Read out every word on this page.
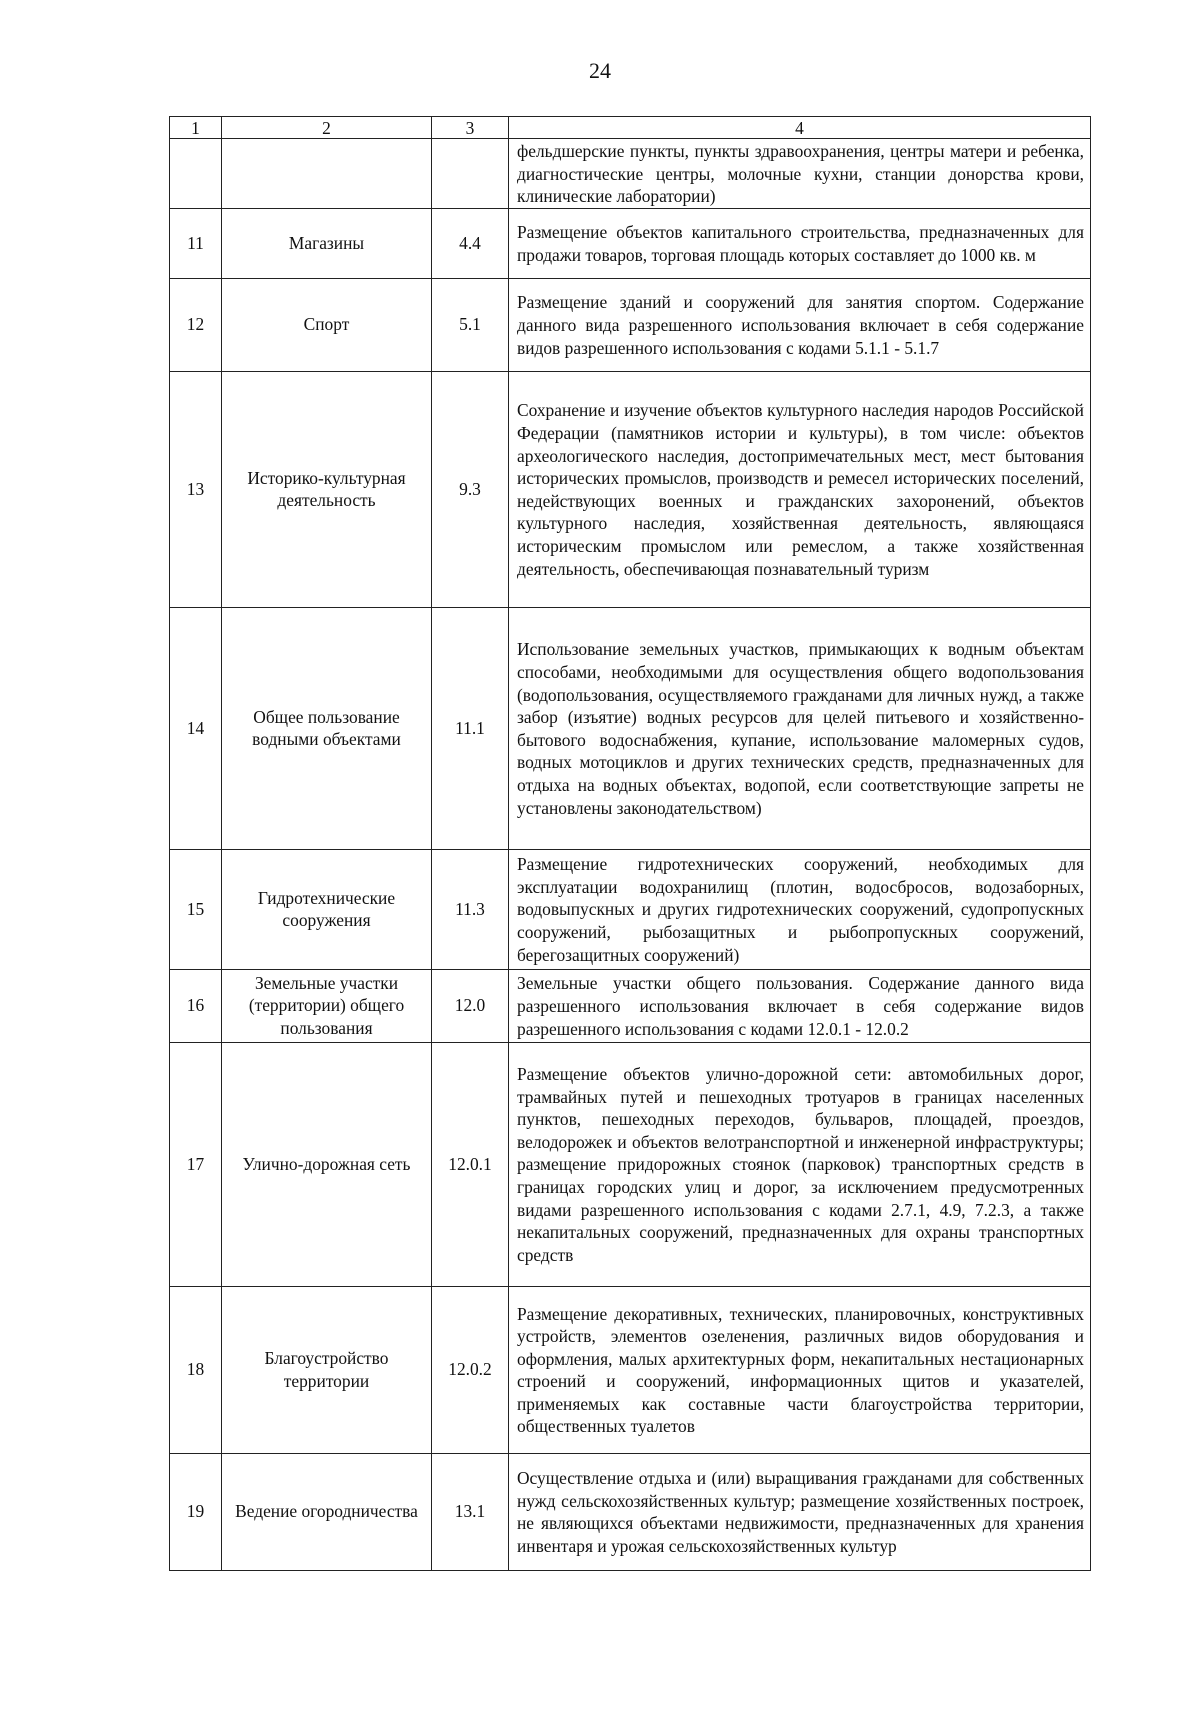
24
1	2	3	4
			фельдшерские пункты, пункты здравоохранения, центры матери и ребенка, диагностические центры, молочные кухни, станции донорства крови, клинические лаборатории)
11	Магазины	4.4	Размещение объектов капитального строительства, предназначенных для продажи товаров, торговая площадь которых составляет до 1000 кв. м
12	Спорт	5.1	Размещение зданий и сооружений для занятия спортом. Содержание данного вида разрешенного использования включает в себя содержание видов разрешенного использования с кодами 5.1.1 - 5.1.7
13	Историко-культурная деятельность	9.3	Сохранение и изучение объектов культурного наследия народов Российской Федерации (памятников истории и культуры), в том числе: объектов археологического наследия, достопримечательных мест, мест бытования исторических промыслов, производств и ремесел исторических поселений, недействующих военных и гражданских захоронений, объектов культурного наследия, хозяйственная деятельность, являющаяся историческим промыслом или ремеслом, а также хозяйственная деятельность, обеспечивающая познавательный туризм
14	Общее пользование водными объектами	11.1	Использование земельных участков, примыкающих к водным объектам способами, необходимыми для осуществления общего водопользования (водопользования, осуществляемого гражданами для личных нужд, а также забор (изъятие) водных ресурсов для целей питьевого и хозяйственно-бытового водоснабжения, купание, использование маломерных судов, водных мотоциклов и других технических средств, предназначенных для отдыха на водных объектах, водопой, если соответствующие запреты не установлены законодательством)
15	Гидротехнические сооружения	11.3	Размещение гидротехнических сооружений, необходимых для эксплуатации водохранилищ (плотин, водосбросов, водозаборных, водовыпускных и других гидротехнических сооружений, судопропускных сооружений, рыбозащитных и рыбопропускных сооружений, берегозащитных сооружений)
16	Земельные участки (территории) общего пользования	12.0	Земельные участки общего пользования. Содержание данного вида разрешенного использования включает в себя содержание видов разрешенного использования с кодами 12.0.1 - 12.0.2
17	Улично-дорожная сеть	12.0.1	Размещение объектов улично-дорожной сети: автомобильных дорог, трамвайных путей и пешеходных тротуаров в границах населенных пунктов, пешеходных переходов, бульваров, площадей, проездов, велодорожек и объектов велотранспортной и инженерной инфраструктуры; размещение придорожных стоянок (парковок) транспортных средств в границах городских улиц и дорог, за исключением предусмотренных видами разрешенного использования с кодами 2.7.1, 4.9, 7.2.3, а также некапитальных сооружений, предназначенных для охраны транспортных средств
18	Благоустройство территории	12.0.2	Размещение декоративных, технических, планировочных, конструктивных устройств, элементов озеленения, различных видов оборудования и оформления, малых архитектурных форм, некапитальных нестационарных строений и сооружений, информационных щитов и указателей, применяемых как составные части благоустройства территории, общественных туалетов
19	Ведение огородничества	13.1	Осуществление отдыха и (или) выращивания гражданами для собственных нужд сельскохозяйственных культур; размещение хозяйственных построек, не являющихся объектами недвижимости, предназначенных для хранения инвентаря и урожая сельскохозяйственных культур
